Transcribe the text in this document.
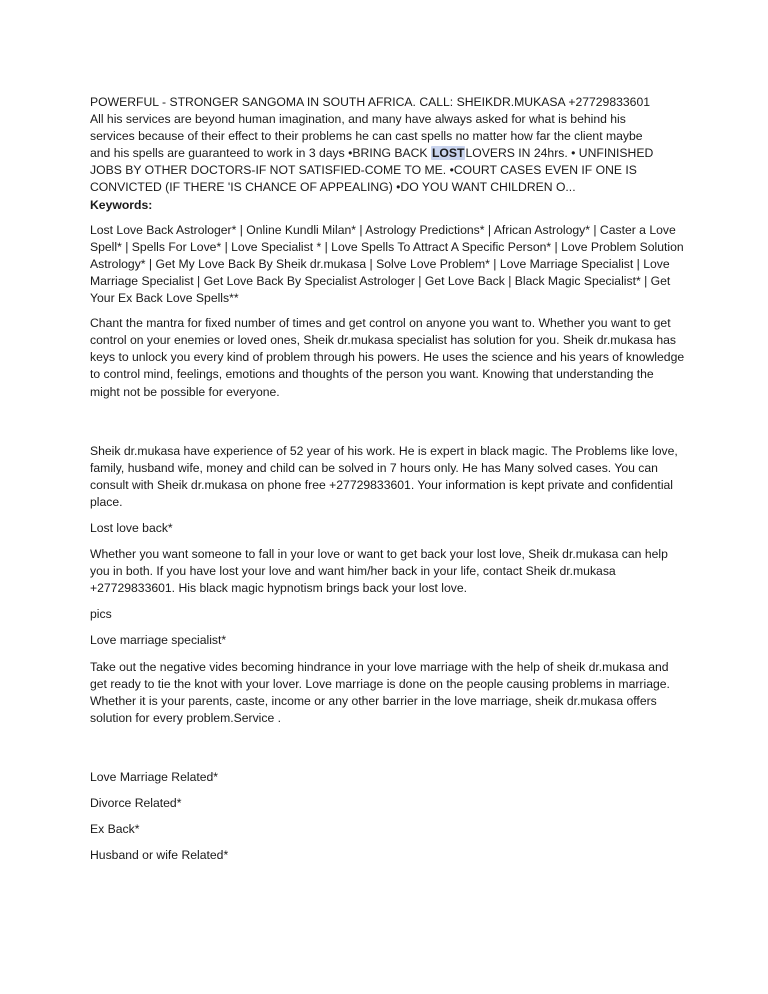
POWERFUL - STRONGER SANGOMA IN SOUTH AFRICA. CALL: SHEIKDR.MUKASA +27729833601
All his services are beyond human imagination, and many have always asked for what is behind his
services because of their effect to their problems he can cast spells no matter how far the client maybe
and his spells are guaranteed to work in 3 days •BRING BACK LOSTLOVERS IN 24hrs. • UNFINISHED
JOBS BY OTHER DOCTORS-IF NOT SATISFIED-COME TO ME. •COURT CASES EVEN IF ONE IS
CONVICTED (IF THERE 'IS CHANCE OF APPEALING) •DO YOU WANT CHILDREN O...
Keywords:

Lost Love Back Astrologer* | Online Kundli Milan* | Astrology Predictions* | African Astrology* | Caster a Love Spell* | Spells For Love* | Love Specialist * | Love Spells To Attract A Specific Person* | Love Problem Solution Astrology* | Get My Love Back By Sheik dr.mukasa | Solve Love Problem* | Love Marriage Specialist | Love Marriage Specialist | Get Love Back By Specialist Astrologer | Get Love Back | Black Magic Specialist* | Get Your Ex Back Love Spells**

Chant the mantra for fixed number of times and get control on anyone you want to. Whether you want to get control on your enemies or loved ones, Sheik dr.mukasa specialist has solution for you. Sheik dr.mukasa has keys to unlock you every kind of problem through his powers. He uses the science and his years of knowledge to control mind, feelings, emotions and thoughts of the person you want. Knowing that understanding the might not be possible for everyone.

Sheik dr.mukasa have experience of 52 year of his work. He is expert in black magic. The Problems like love, family, husband wife, money and child can be solved in 7 hours only. He has Many solved cases. You can consult with Sheik dr.mukasa on phone free +27729833601. Your information is kept private and confidential place.

Lost love back*

Whether you want someone to fall in your love or want to get back your lost love, Sheik dr.mukasa can help you in both. If you have lost your love and want him/her back in your life, contact Sheik dr.mukasa +27729833601. His black magic hypnotism brings back your lost love.

pics

Love marriage specialist*

Take out the negative vides becoming hindrance in your love marriage with the help of sheik dr.mukasa and get ready to tie the knot with your lover. Love marriage is done on the people causing problems in marriage. Whether it is your parents, caste, income or any other barrier in the love marriage, sheik dr.mukasa offers solution for every problem.Service .

Love Marriage Related*

Divorce Related*

Ex Back*

Husband or wife Related*
